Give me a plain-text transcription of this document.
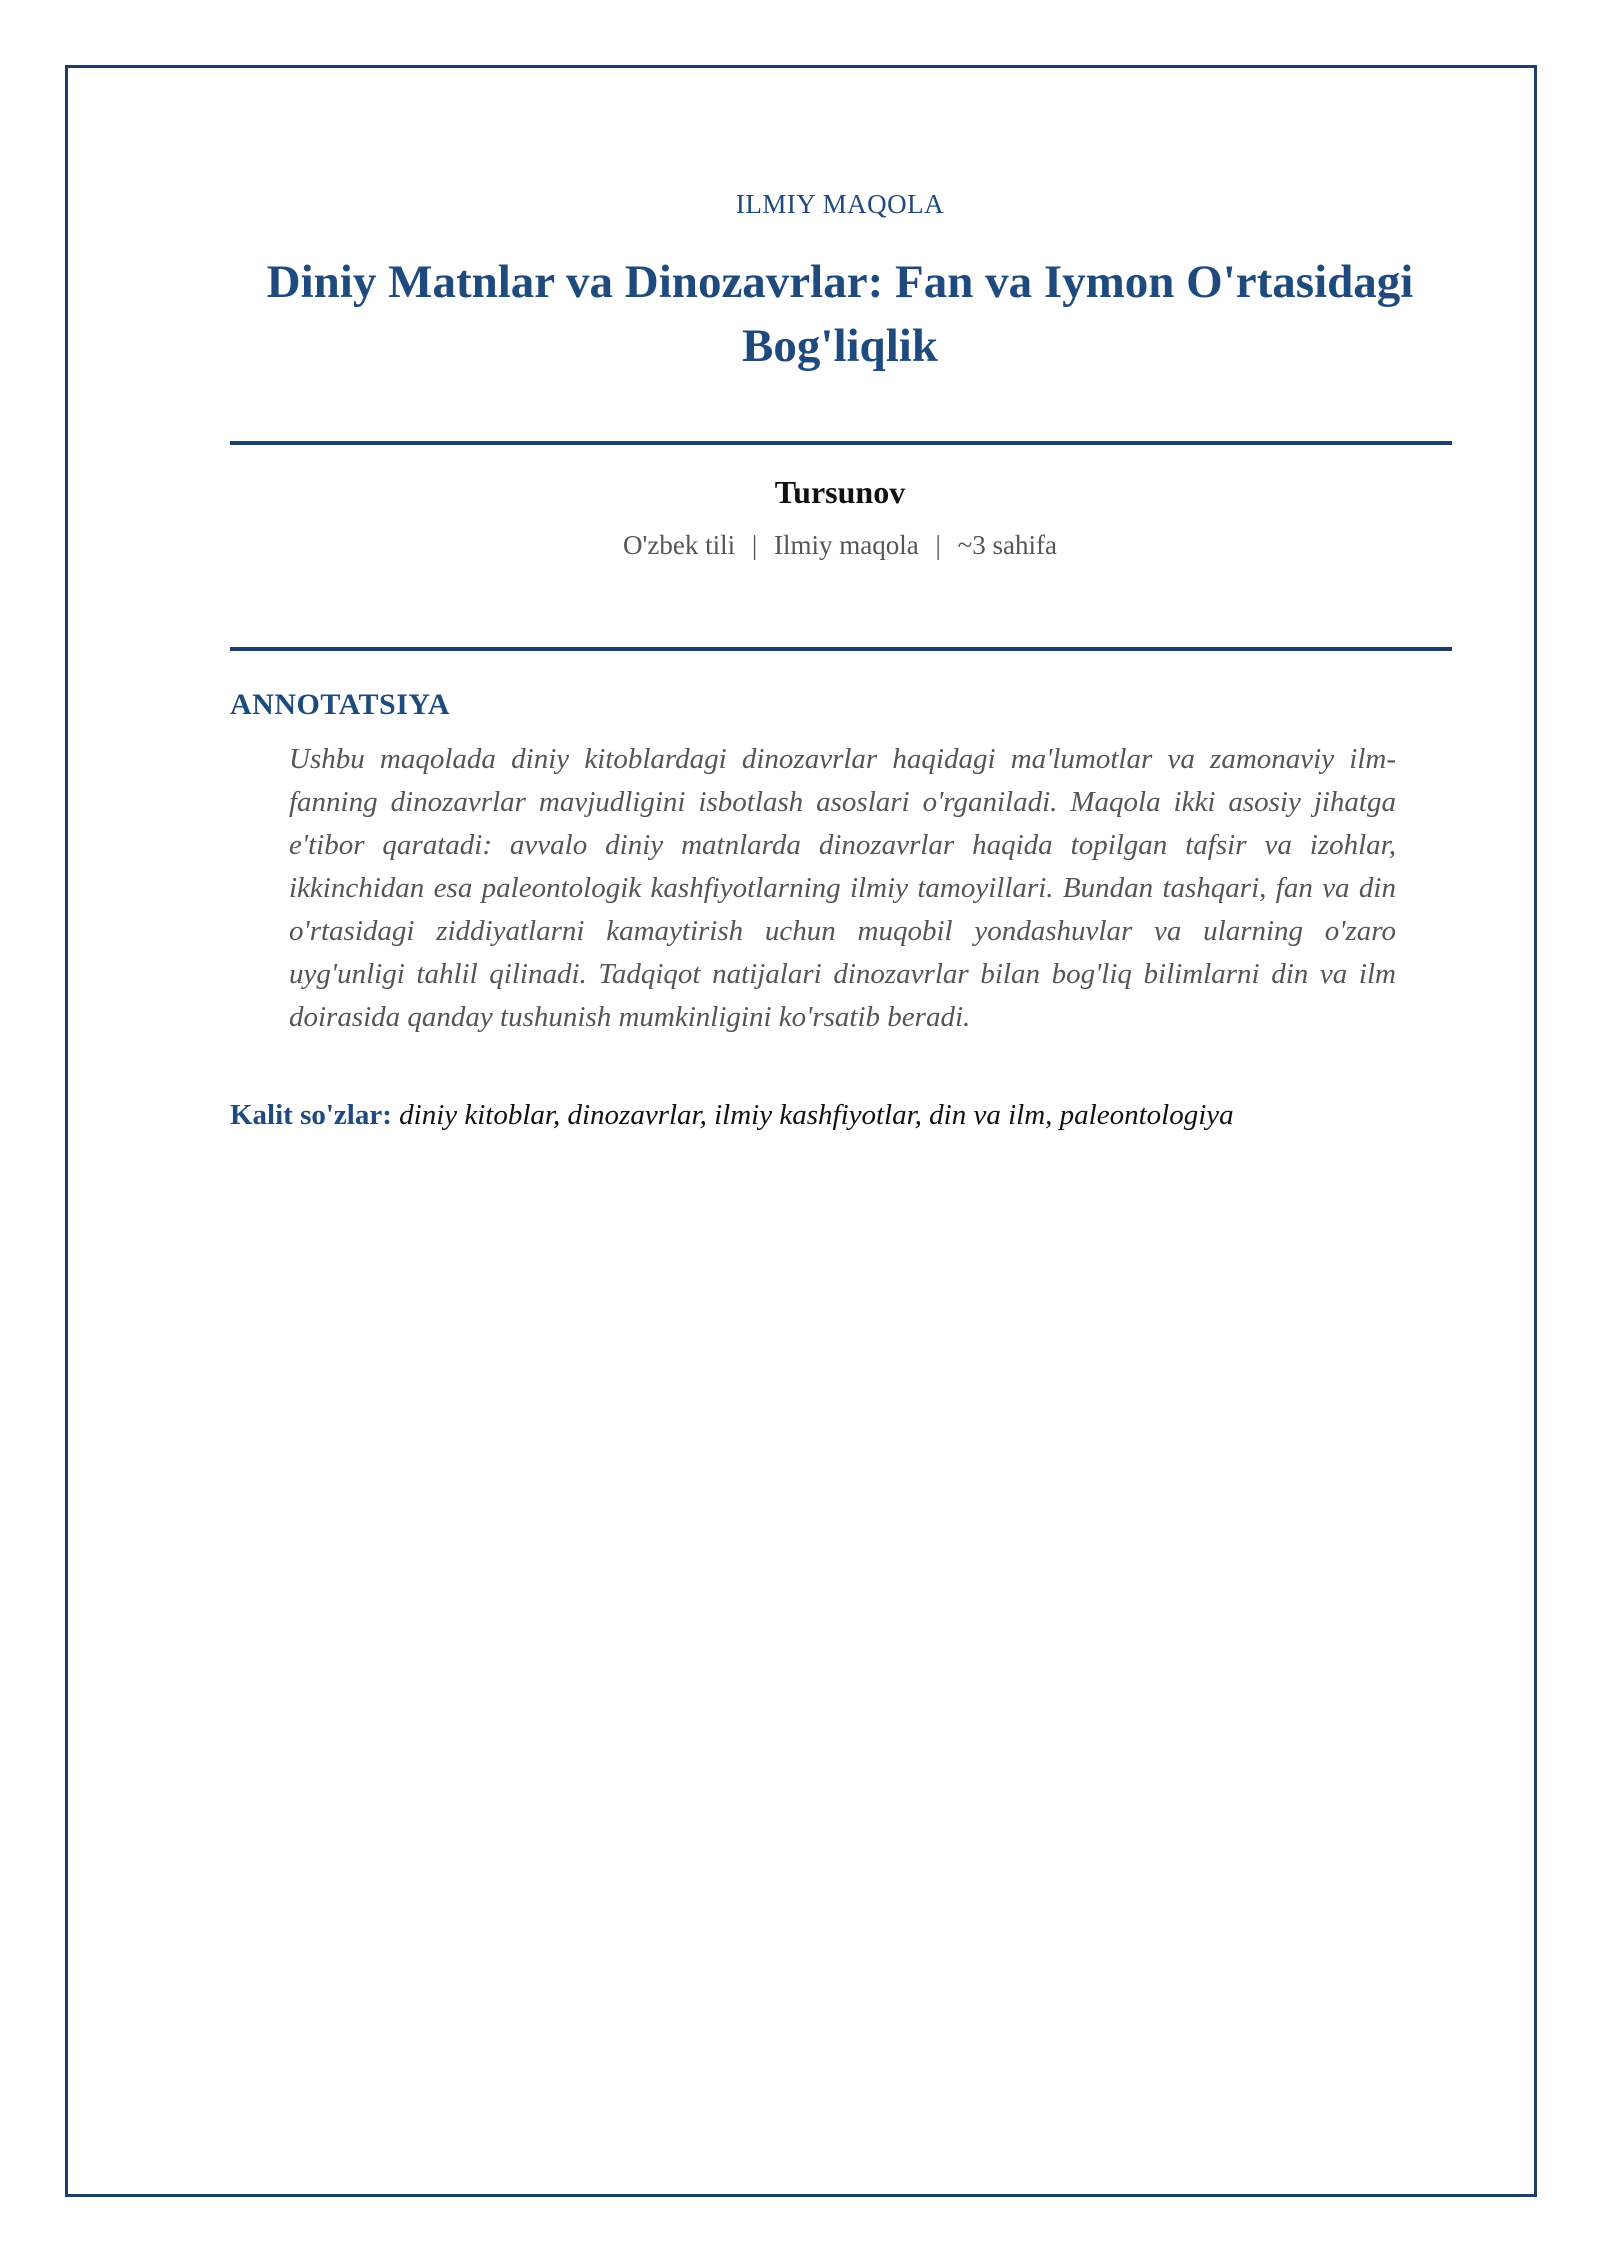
ILMIY MAQOLA
Diniy Matnlar va Dinozavrlar: Fan va Iymon O'rtasidagi Bog'liqlik
Tursunov
O'zbek tili | Ilmiy maqola | ~3 sahifa
ANNOTATSIYA

Ushbu maqolada diniy kitoblardagi dinozavrlar haqidagi ma'lumotlar va zamonaviy ilm-fanning dinozavrlar mavjudligini isbotlash asoslari o'rganiladi. Maqola ikki asosiy jihatga e'tibor qaratadi: avvalo diniy matnlarda dinozavrlar haqida topilgan tafsir va izohlar, ikkinchidan esa paleontologik kashfiyotlarning ilmiy tamoyillari. Bundan tashqari, fan va din o'rtasidagi ziddiyatlarni kamaytirish uchun muqobil yondashuvlar va ularning o'zaro uyg'unligi tahlil qilinadi. Tadqiqot natijalari dinozavrlar bilan bog'liq bilimlarni din va ilm doirasida qanday tushunish mumkinligini ko'rsatib beradi.

Kalit so'zlar: diniy kitoblar, dinozavrlar, ilmiy kashfiyotlar, din va ilm, paleontologiya
